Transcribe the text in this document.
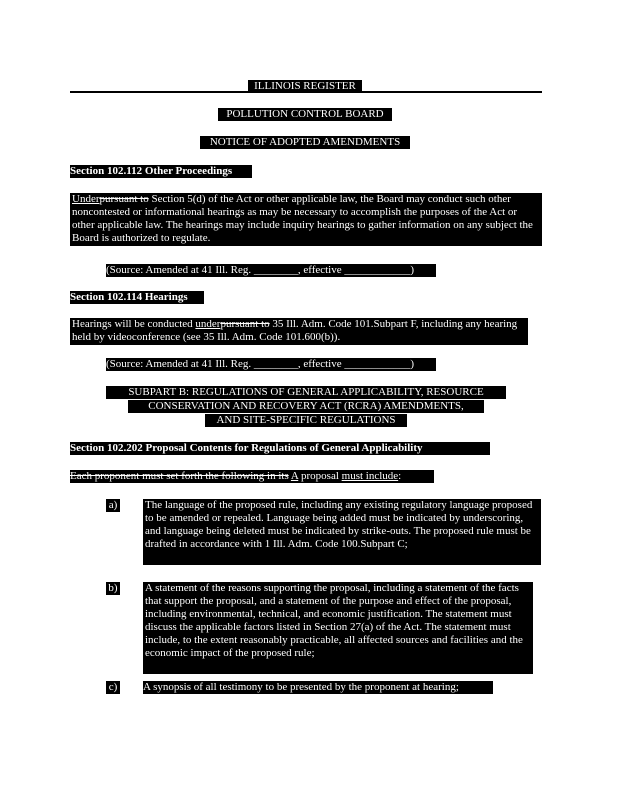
ILLINOIS REGISTER
POLLUTION CONTROL BOARD
NOTICE OF ADOPTED AMENDMENTS
Section 102.112 Other Proceedings
Underpursuant to Section 5(d) of the Act or other applicable law, the Board may conduct such other noncontested or informational hearings as may be necessary to accomplish the purposes of the Act or other applicable law. The hearings may include inquiry hearings to gather information on any subject the Board is authorized to regulate.
(Source: Amended at 41 Ill. Reg. ________, effective ____________)
Section 102.114 Hearings
Hearings will be conducted underpursuant to 35 Ill. Adm. Code 101.Subpart F, including any hearing held by videoconference (see 35 Ill. Adm. Code 101.600(b)).
(Source: Amended at 41 Ill. Reg. ________, effective ____________)
SUBPART B: REGULATIONS OF GENERAL APPLICABILITY, RESOURCE
CONSERVATION AND RECOVERY ACT (RCRA) AMENDMENTS,
AND SITE-SPECIFIC REGULATIONS
Section 102.202 Proposal Contents for Regulations of General Applicability
Each proponent must set forth the following in its A proposal must include:
a)	The language of the proposed rule, including any existing regulatory language proposed to be amended or repealed. Language being added must be indicated by underscoring, and language being deleted must be indicated by strike-outs. The proposed rule must be drafted in accordance with 1 Ill. Adm. Code 100.Subpart C;
b) A statement of the reasons supporting the proposal, including a statement of the facts that support the proposal, and a statement of the purpose and effect of the proposal, including environmental, technical, and economic justification. The statement must discuss the applicable factors listed in Section 27(a) of the Act. The statement must include, to the extent reasonably practicable, all affected sources and facilities and the economic impact of the proposed rule;
c) A synopsis of all testimony to be presented by the proponent at hearing;
